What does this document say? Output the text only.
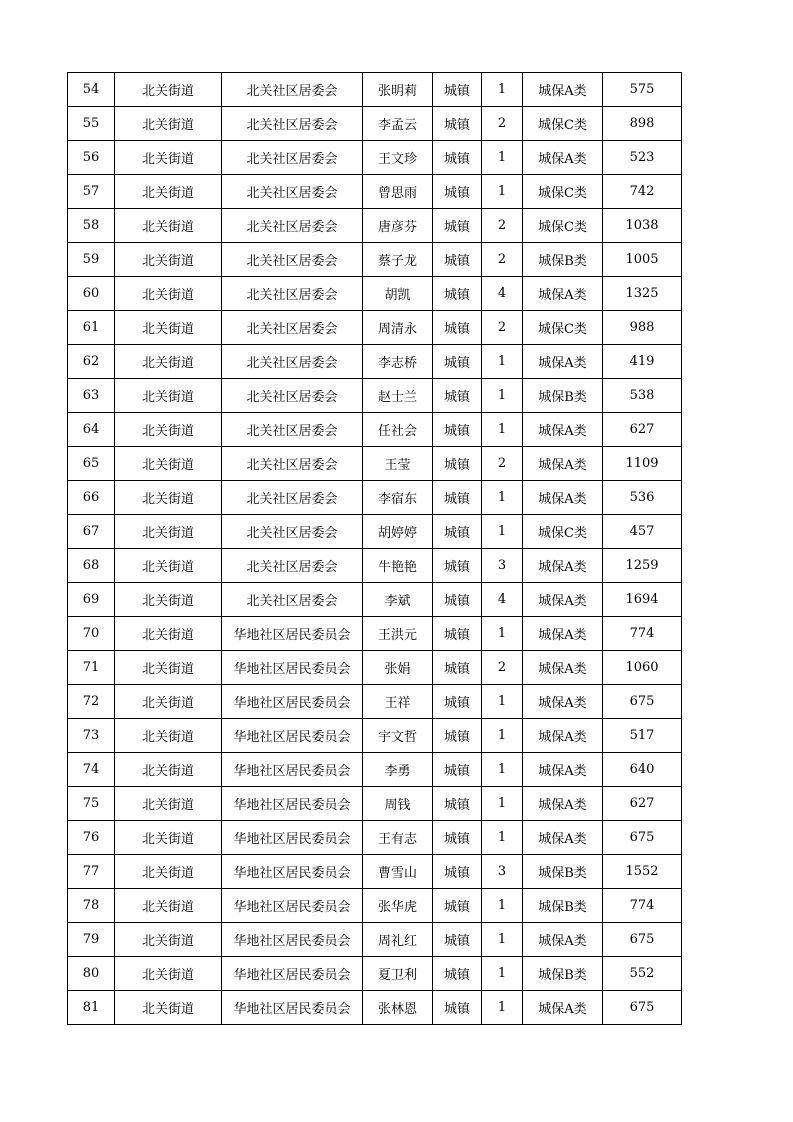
54	北关街道	北关社区居委会	张明莉	城镇	1	城保A类	575
55	北关街道	北关社区居委会	李孟云	城镇	2	城保C类	898
56	北关街道	北关社区居委会	王文珍	城镇	1	城保A类	523
57	北关街道	北关社区居委会	曾思雨	城镇	1	城保C类	742
58	北关街道	北关社区居委会	唐彦芬	城镇	2	城保C类	1038
59	北关街道	北关社区居委会	蔡子龙	城镇	2	城保B类	1005
60	北关街道	北关社区居委会	胡凯	城镇	4	城保A类	1325
61	北关街道	北关社区居委会	周清永	城镇	2	城保C类	988
62	北关街道	北关社区居委会	李志桥	城镇	1	城保A类	419
63	北关街道	北关社区居委会	赵士兰	城镇	1	城保B类	538
64	北关街道	北关社区居委会	任社会	城镇	1	城保A类	627
65	北关街道	北关社区居委会	王莹	城镇	2	城保A类	1109
66	北关街道	北关社区居委会	李宿东	城镇	1	城保A类	536
67	北关街道	北关社区居委会	胡婷婷	城镇	1	城保C类	457
68	北关街道	北关社区居委会	牛艳艳	城镇	3	城保A类	1259
69	北关街道	北关社区居委会	李斌	城镇	4	城保A类	1694
70	北关街道	华地社区居民委员会	王洪元	城镇	1	城保A类	774
71	北关街道	华地社区居民委员会	张娟	城镇	2	城保A类	1060
72	北关街道	华地社区居民委员会	王祥	城镇	1	城保A类	675
73	北关街道	华地社区居民委员会	宇文哲	城镇	1	城保A类	517
74	北关街道	华地社区居民委员会	李勇	城镇	1	城保A类	640
75	北关街道	华地社区居民委员会	周钱	城镇	1	城保A类	627
76	北关街道	华地社区居民委员会	王有志	城镇	1	城保A类	675
77	北关街道	华地社区居民委员会	曹雪山	城镇	3	城保B类	1552
78	北关街道	华地社区居民委员会	张华虎	城镇	1	城保B类	774
79	北关街道	华地社区居民委员会	周礼红	城镇	1	城保A类	675
80	北关街道	华地社区居民委员会	夏卫利	城镇	1	城保B类	552
81	北关街道	华地社区居民委员会	张林恩	城镇	1	城保A类	675
